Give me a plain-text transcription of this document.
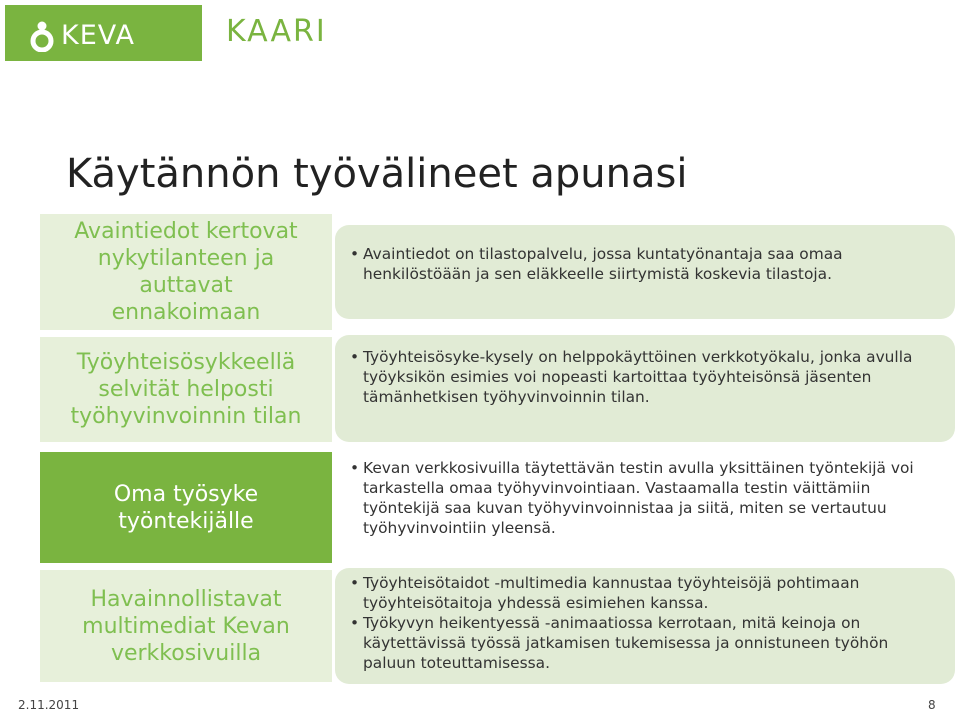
KEVA	KAARI
Käytännön työvälineet apunasi
Avaintiedot kertovat
nykytilanteen ja
auttavat
ennakoimaan

• Avaintiedot on tilastopalvelu, jossa kuntatyönantaja saa omaa henkilöstöään ja sen eläkkeelle siirtymistä koskevia tilastoja.

Työyhteisösykkeellä
selvität helposti
työhyvinvoinnin tilan

• Työyhteisösyke-kysely on helppokäyttöinen verkkotyökalu, jonka avulla työyksikön esimies voi nopeasti kartoittaa työyhteisönsä jäsenten tämänhetkisen työhyvinvoinnin tilan.

Oma työsyke
työntekijälle

• Kevan verkkosivuilla täytettävän testin avulla yksittäinen työntekijä voi tarkastella omaa työhyvinvointiaan. Vastaamalla testin väittämiin työntekijä saa kuvan työhyvinvoinnistaa ja siitä, miten se vertautuu työhyvinvointiin yleensä.

Havainnollistavat
multimediat Kevan
verkkosivuilla

• Työyhteisötaidot -multimedia kannustaa työyhteisöjä pohtimaan työyhteisötaitoja yhdessä esimiehen kanssa.

• Työkyvyn heikentyessä -animaatiossa kerrotaan, mitä keinoja on käytettävissä työssä jatkamisen tukemisessa ja onnistuneen työhön paluun toteuttamisessa.

2.11.2011	8
